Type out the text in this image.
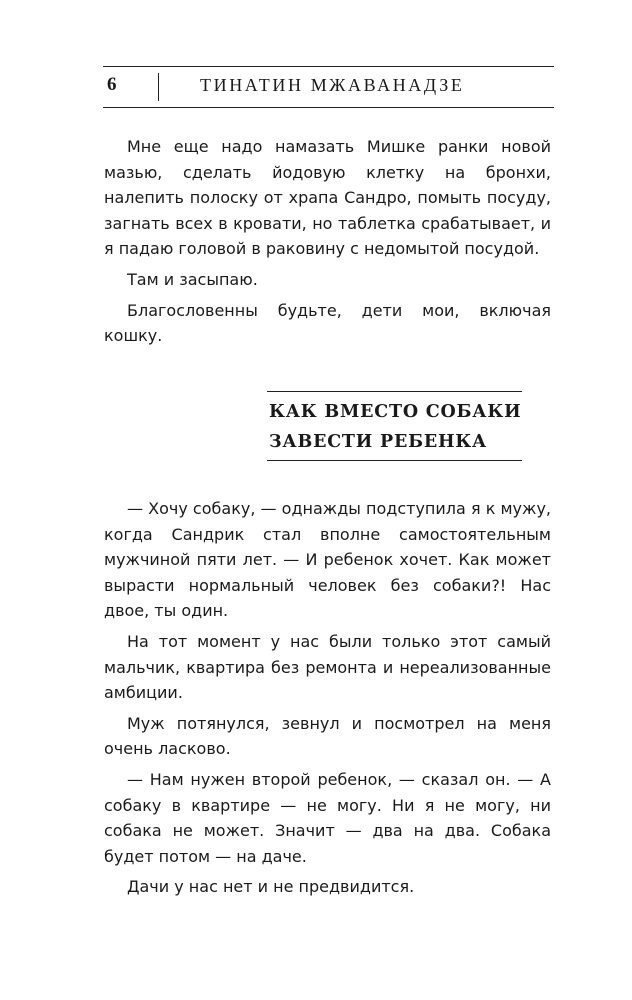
6	ТИНАТИН МЖАВАНАДЗЕ

Мне еще надо намазать Мишке ранки новой мазью, сделать йодовую клетку на бронхи, налепить полоску от храпа Сандро, помыть посуду, загнать всех в кровати, но таблетка срабатывает, и я падаю головой в раковину с недомытой посудой.

Там и засыпаю.

Благословенны будьте, дети мои, включая кошку.

КАК ВМЕСТО СОБАКИ
ЗАВЕСТИ РЕБЕНКА

— Хочу собаку, — однажды подступила я к мужу, когда Сандрик стал вполне самостоятельным мужчиной пяти лет. — И ребенок хочет. Как может вырасти нормальный человек без собаки?! Нас двое, ты один.

На тот момент у нас были только этот самый мальчик, квартира без ремонта и нереализованные амбиции.

Муж потянулся, зевнул и посмотрел на меня очень ласково.

— Нам нужен второй ребенок, — сказал он. — А собаку в квартире — не могу. Ни я не могу, ни собака не может. Значит — два на два. Собака будет потом — на даче.

Дачи у нас нет и не предвидится.
